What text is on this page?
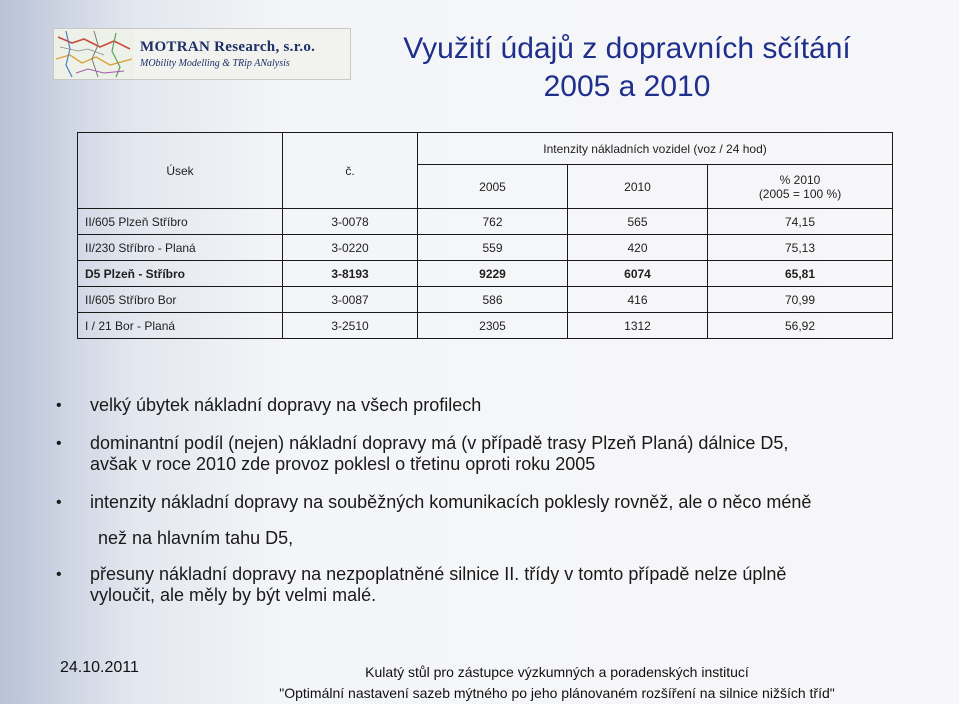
MOTRAN Research, s.r.o.
MObility Modelling & TRip ANalysis	Využití údajů z dopravních sčítání
2005 a 2010
Úsek	č.	Intenzity nákladních vozidel (voz / 24 hod)		
		2005	2010	% 2010
(2005 = 100 %)

II/605 Plzeň Stříbro	3-0078	762	565	74,15
II/230 Stříbro - Planá	3-0220	559	420	75,13
D5 Plzeň - Stříbro	3-8193	9229	6074	65,81
II/605 Stříbro Bor	3-0087	586	416	70,99
I / 21 Bor - Planá	3-2510	2305	1312	56,92
• velký úbytek nákladní dopravy na všech profilech
• dominantní podíl (nejen) nákladní dopravy má (v případě trasy Plzeň Planá) dálnice D5,
avšak v roce 2010 zde provoz poklesl o třetinu oproti roku 2005
• intenzity nákladní dopravy na souběžných komunikacích poklesly rovněž, ale o něco méně
než na hlavním tahu D5,
• přesuny nákladní dopravy na nezpoplatněné silnice II. třídy v tomto případě nelze úplně
vyloučit, ale měly by být velmi malé.
24.10.2011	Kulatý stůl pro zástupce výzkumných a poradenských institucí
"Optimální nastavení sazeb mýtného po jeho plánovaném rozšíření na silnice nižších tříd"
